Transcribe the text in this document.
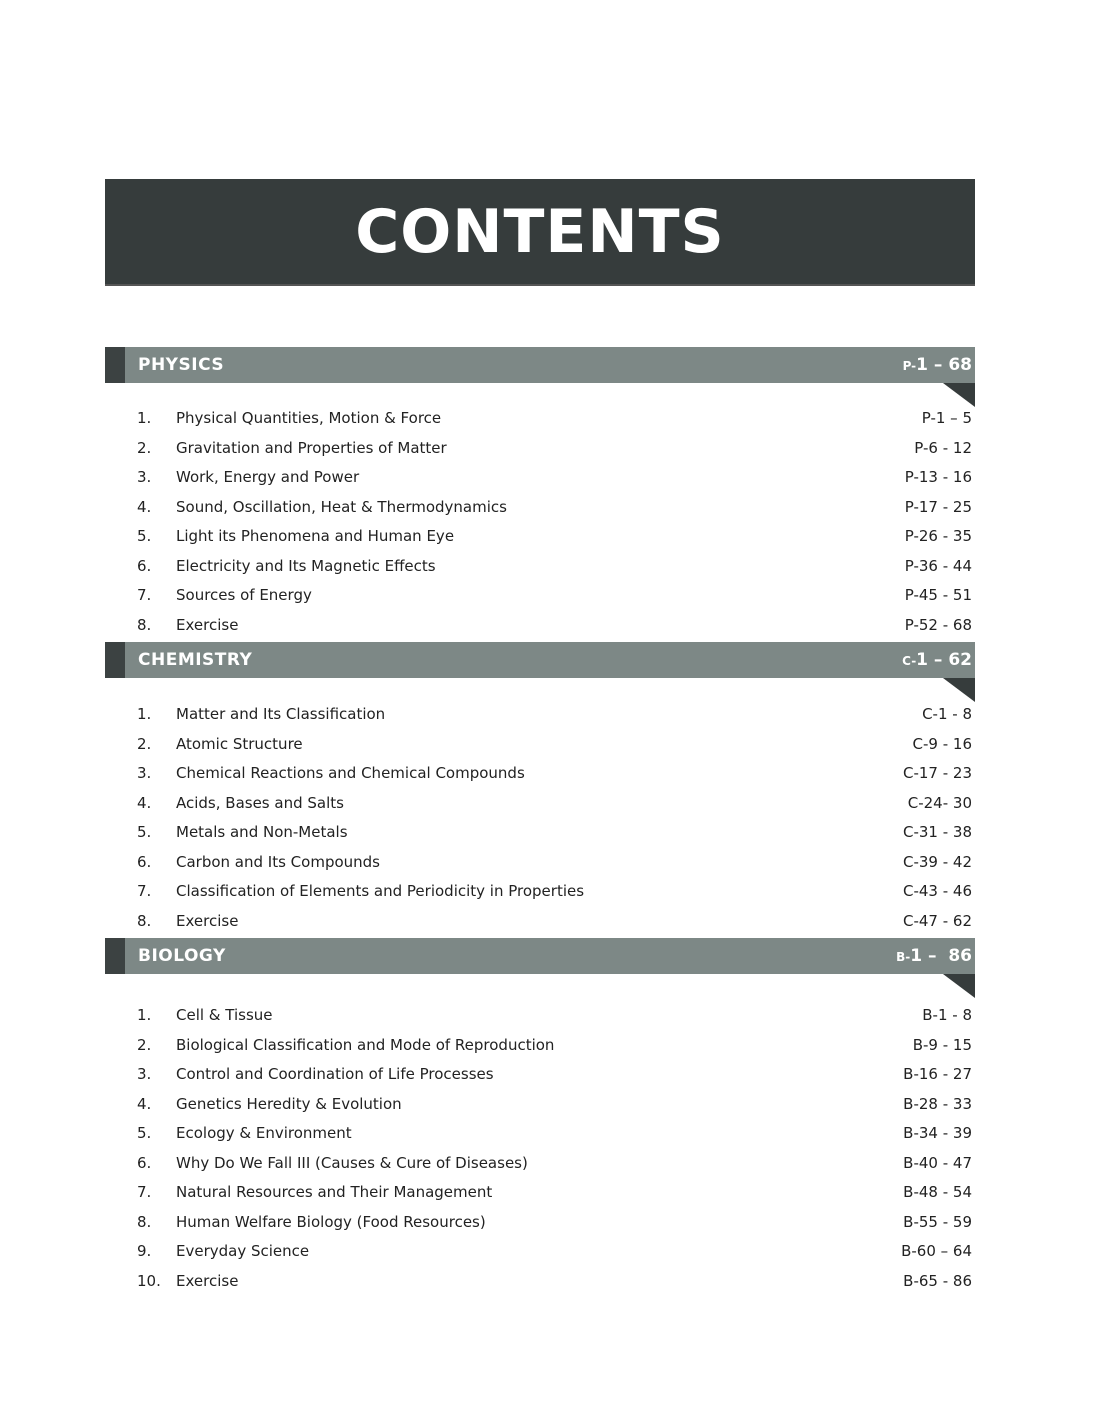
CONTENTS
PHYSICS	P-1 – 68
1. Physical Quantities, Motion & Force	P-1 – 5
2. Gravitation and Properties of Matter	P-6 - 12
3. Work, Energy and Power	P-13 - 16
4. Sound, Oscillation, Heat & Thermodynamics	P-17 - 25
5. Light its Phenomena and Human Eye	P-26 - 35
6. Electricity and Its Magnetic Effects	P-36 - 44
7. Sources of Energy	P-45 - 51
8. Exercise	P-52 - 68
CHEMISTRY	C-1 – 62
1. Matter and Its Classification	C-1 - 8
2. Atomic Structure	C-9 - 16
3. Chemical Reactions and Chemical Compounds	C-17 - 23
4. Acids, Bases and Salts	C-24- 30
5. Metals and Non-Metals	C-31 - 38
6. Carbon and Its Compounds	C-39 - 42
7. Classification of Elements and Periodicity in Properties	C-43 - 46
8. Exercise	C-47 - 62
BIOLOGY	B-1 –  86
1. Cell & Tissue	B-1 - 8
2. Biological Classification and Mode of Reproduction	B-9 - 15
3. Control and Coordination of Life Processes	B-16 - 27
4. Genetics Heredity & Evolution	B-28 - 33
5. Ecology & Environment	B-34 - 39
6. Why Do We Fall III (Causes & Cure of Diseases)	B-40 - 47
7. Natural Resources and Their Management	B-48 - 54
8. Human Welfare Biology (Food Resources)	B-55 - 59
9. Everyday Science	B-60 – 64
10. Exercise	B-65 - 86
